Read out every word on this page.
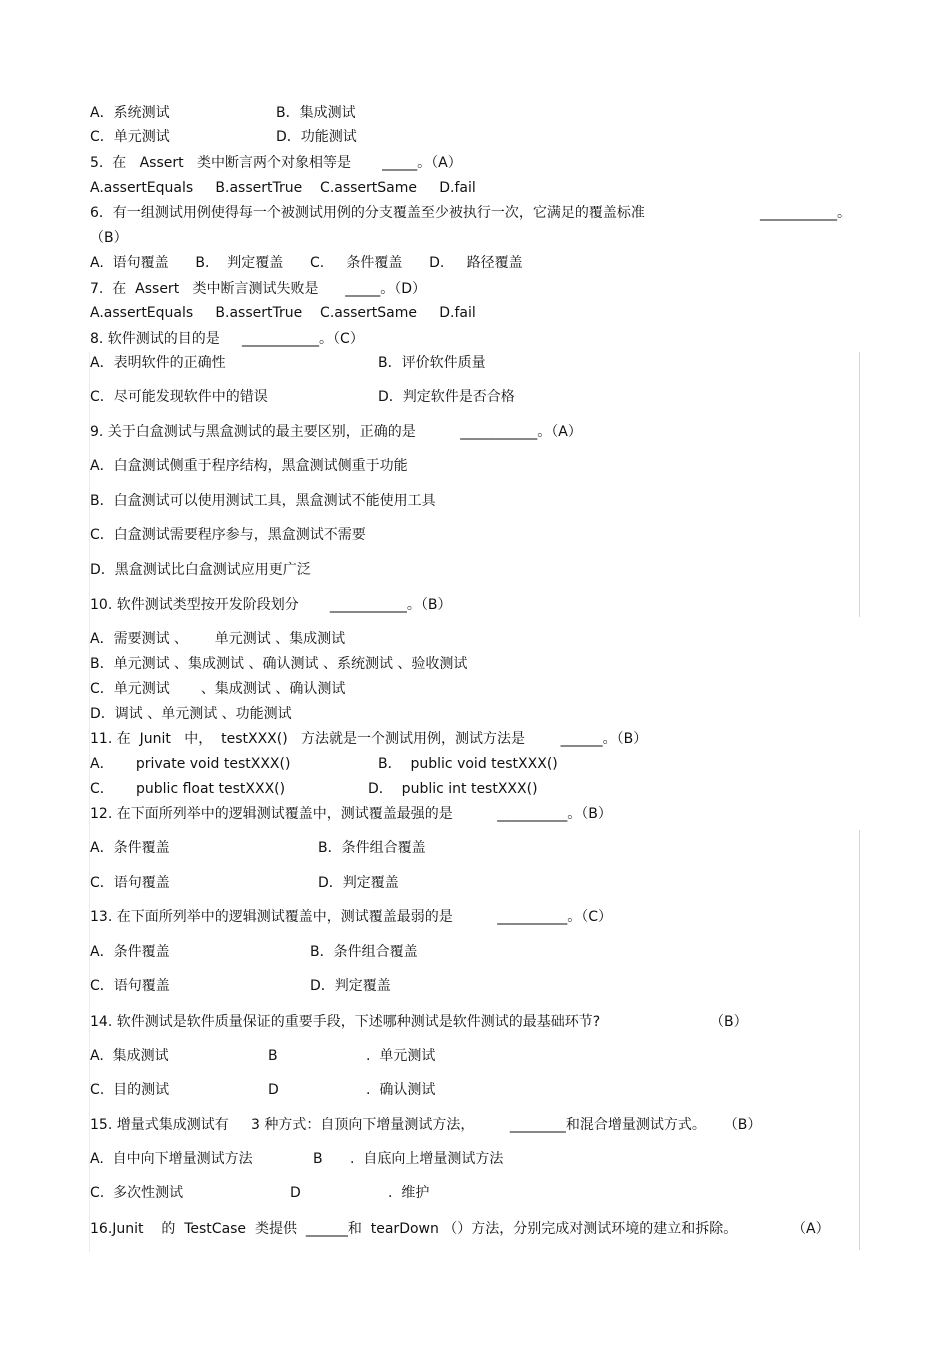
A．系统测试	B．集成测试
C．单元测试	D．功能测试
5.  在   Assert   类中断言两个对象相等是       _____。（A）
A.assertEquals     B.assertTrue    C.assertSame     D.fail
6．有一组测试用例使得每一个被测试用例的分支覆盖至少被执行一次，它满足的覆盖标准	___________。
（B）
A.  语句覆盖      B.    判定覆盖      C.     条件覆盖      D.     路径覆盖
7.  在  Assert   类中断言测试失败是      _____。（D）
A.assertEquals     B.assertTrue    C.assertSame     D.fail
8. 软件测试的目的是     ___________。（C）
A．表明软件的正确性	B．评价软件质量
C．尽可能发现软件中的错误	D．判定软件是否合格
9. 关于白盒测试与黑盒测试的最主要区别，正确的是          ___________。（A）
A．白盒测试侧重于程序结构，黑盒测试侧重于功能
B．白盒测试可以使用测试工具，黑盒测试不能使用工具
C．白盒测试需要程序参与，黑盒测试不需要
D．黑盒测试比白盒测试应用更广泛
10. 软件测试类型按开发阶段划分       ___________。（B）
A．需要测试 、      单元测试 、集成测试
B．单元测试 、集成测试 、确认测试 、系统测试 、验收测试
C．单元测试       、集成测试 、确认测试
D．调试 、单元测试 、功能测试
11. 在  Junit   中，  testXXX()   方法就是一个测试用例，测试方法是        ______。（B）
A．     private void testXXX()	B．  public void testXXX()
C．     public float testXXX()	D．  public int testXXX()
12. 在下面所列举中的逻辑测试覆盖中，测试覆盖最强的是          __________。（B）
A．条件覆盖	B．条件组合覆盖
C．语句覆盖	D．判定覆盖
13. 在下面所列举中的逻辑测试覆盖中，测试覆盖最弱的是          __________。（C）
A．条件覆盖	B．条件组合覆盖
C．语句覆盖	D．判定覆盖
14. 软件测试是软件质量保证的重要手段，下述哪种测试是软件测试的最基础环节?	（B）
A.  集成测试	B	.  单元测试
C.  目的测试	D	.  确认测试
15. 增量式集成测试有     3 种方式：自顶向下增量测试方法，        ________和混合增量测试方式。    （B）
A.  自中向下增量测试方法	B .  自底向上增量测试方法
C.  多次性测试	D	.  维护
16.Junit    的  TestCase  类提供  ______和  tearDown （）方法，分别完成对测试环境的建立和拆除。	（A）
